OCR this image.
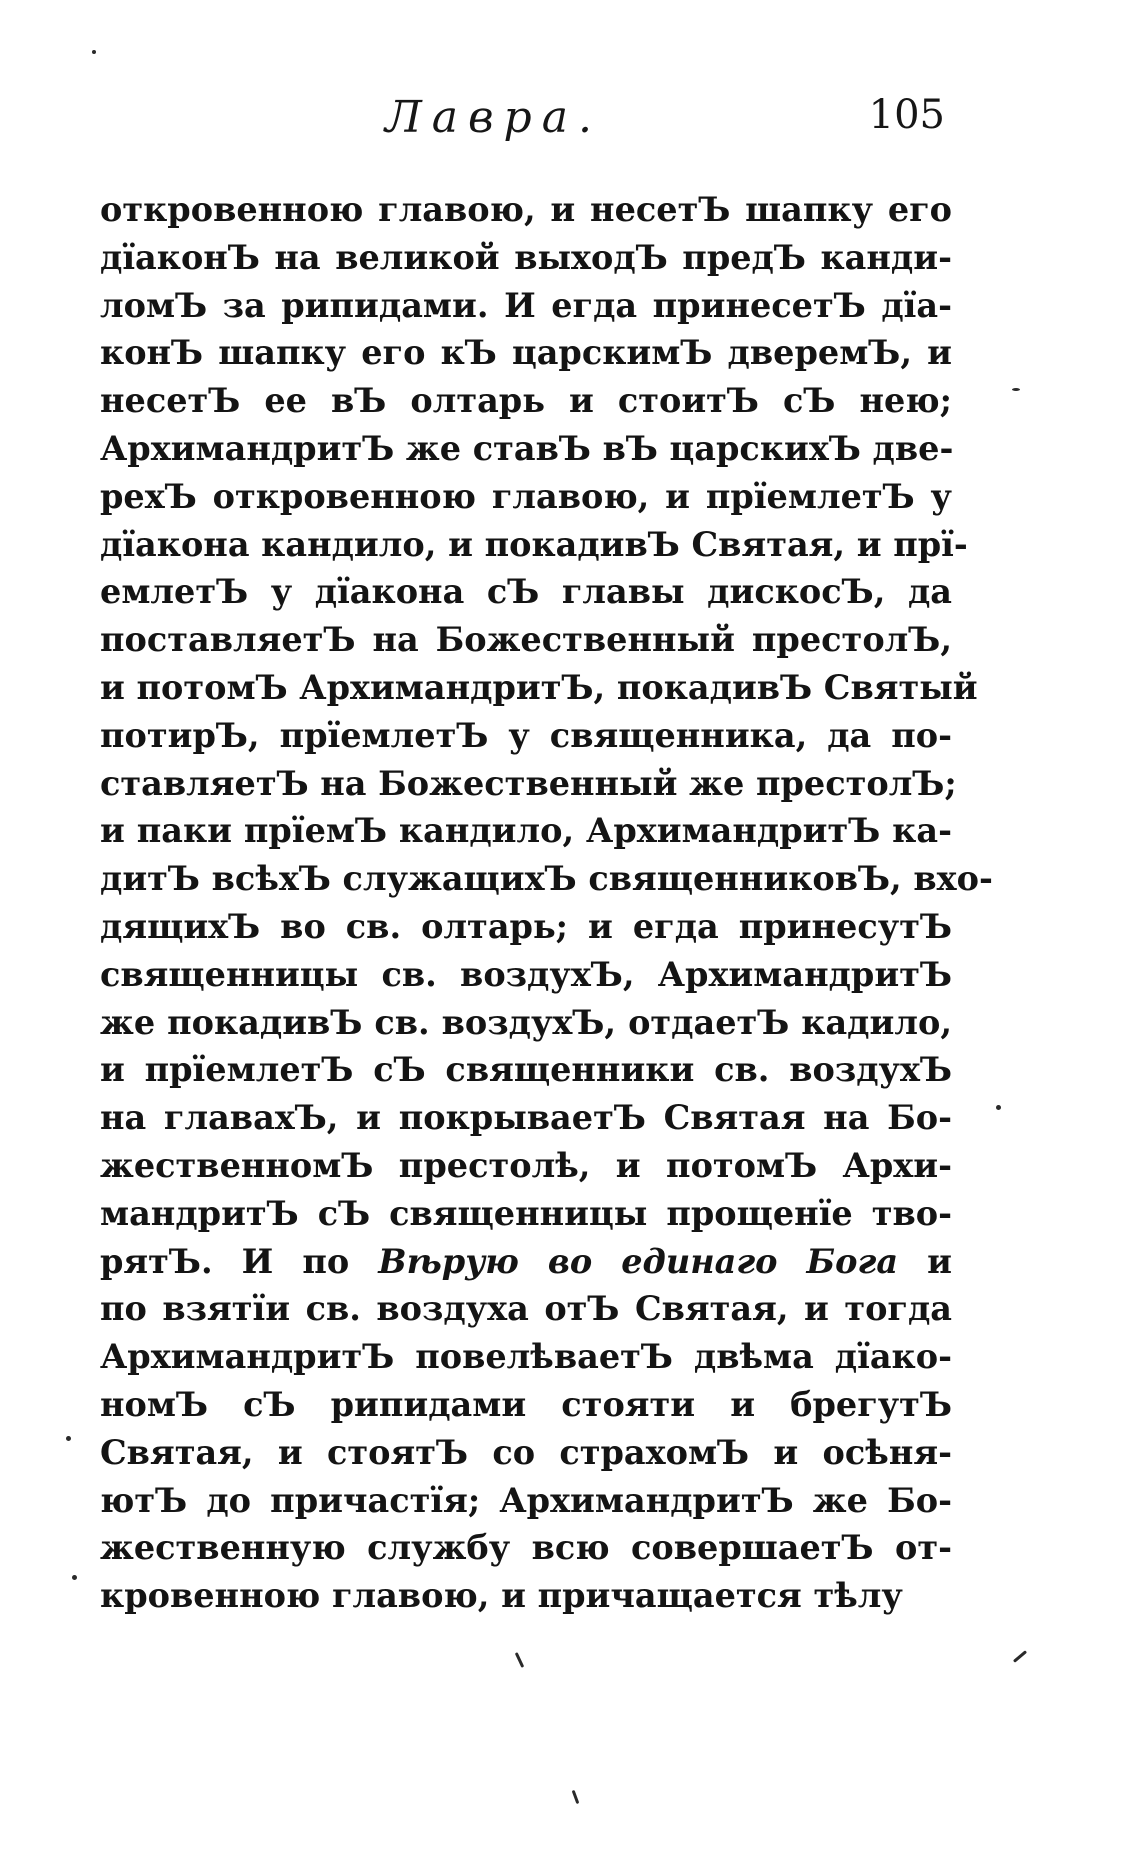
Лавра.	105
откровенною главою, и несетЪ шапку его
дїаконЪ на великой выходЪ предЪ канди-
ломЪ за рипидами. И егда принесетЪ дїа-
конЪ шапку его кЪ царскимЪ дверемЪ, и
несетЪ ее вЪ олтарь и стоитЪ сЪ нею;
АрхимандритЪ же ставЪ вЪ царскихЪ две-
рехЪ откровенною главою, и прїемлетЪ у
дїакона кандило, и покадивЪ Святая, и прї-
емлетЪ у дїакона сЪ главы дискосЪ, да
поставляетЪ на Божественный престолЪ,
и потомЪ АрхимандритЪ, покадивЪ Святый
потирЪ, прїемлетЪ у священника, да по-
ставляетЪ на Божественный же престолЪ;
и паки прїемЪ кандило, АрхимандритЪ ка-
дитЪ всѣхЪ служащихЪ священниковЪ, вхо-
дящихЪ во св. олтарь; и егда принесутЪ
священницы св. воздухЪ, АрхимандритЪ
же покадивЪ св. воздухЪ, отдаетЪ кадило,
и прїемлетЪ сЪ священники св. воздухЪ
на главахЪ, и покрываетЪ Святая на Бо-
жественномЪ престолѣ, и потомЪ Архи-
мандритЪ сЪ священницы прощенїе тво-
рятЪ. И по Вѣрую во единаго Бога и
по взятїи св. воздуха отЪ Святая, и тогда
АрхимандритЪ повелѣваетЪ двѣма дїако-
номЪ сЪ рипидами стояти и брегутЪ
Святая, и стоятЪ со страхомЪ и осѣня-
ютЪ до причастїя; АрхимандритЪ же Бо-
жественную службу всю совершаетЪ от-
кровенною главою, и причащается тѣлу
